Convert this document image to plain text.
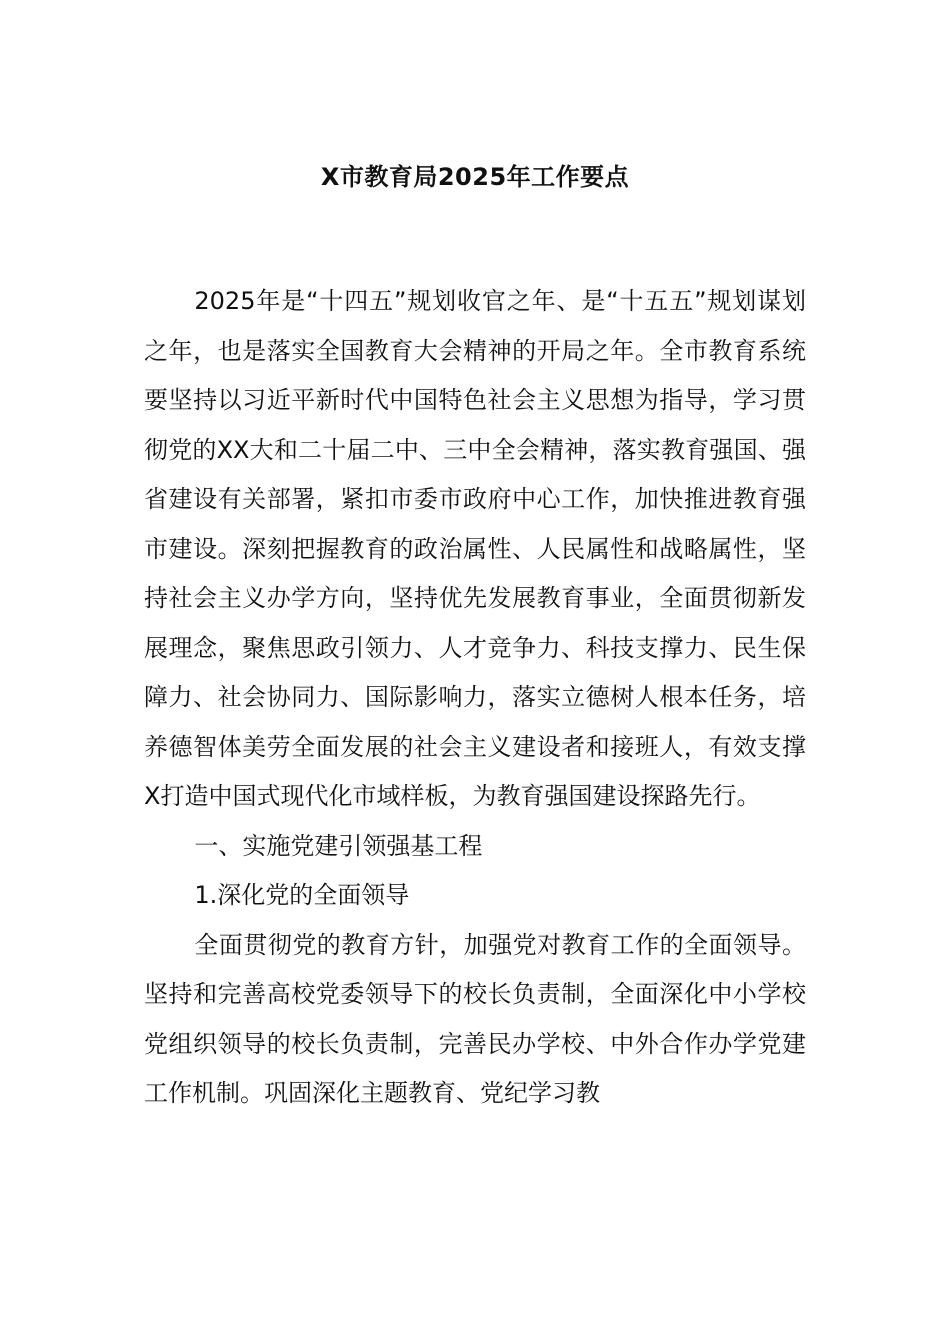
X市教育局2025年工作要点

2025年是“十四五”规划收官之年、是“十五五”规划谋划之年，也是落实全国教育大会精神的开局之年。全市教育系统要坚持以习近平新时代中国特色社会主义思想为指导，学习贯彻党的XX大和二十届二中、三中全会精神，落实教育强国、强省建设有关部署，紧扣市委市政府中心工作，加快推进教育强市建设。深刻把握教育的政治属性、人民属性和战略属性，坚持社会主义办学方向，坚持优先发展教育事业，全面贯彻新发展理念，聚焦思政引领力、人才竞争力、科技支撑力、民生保障力、社会协同力、国际影响力，落实立德树人根本任务，培养德智体美劳全面发展的社会主义建设者和接班人，有效支撑X打造中国式现代化市域样板，为教育强国建设探路先行。

一、实施党建引领强基工程

1.深化党的全面领导

全面贯彻党的教育方针，加强党对教育工作的全面领导。坚持和完善高校党委领导下的校长负责制，全面深化中小学校党组织领导的校长负责制，完善民办学校、中外合作办学党建工作机制。巩固深化主题教育、党纪学习教
